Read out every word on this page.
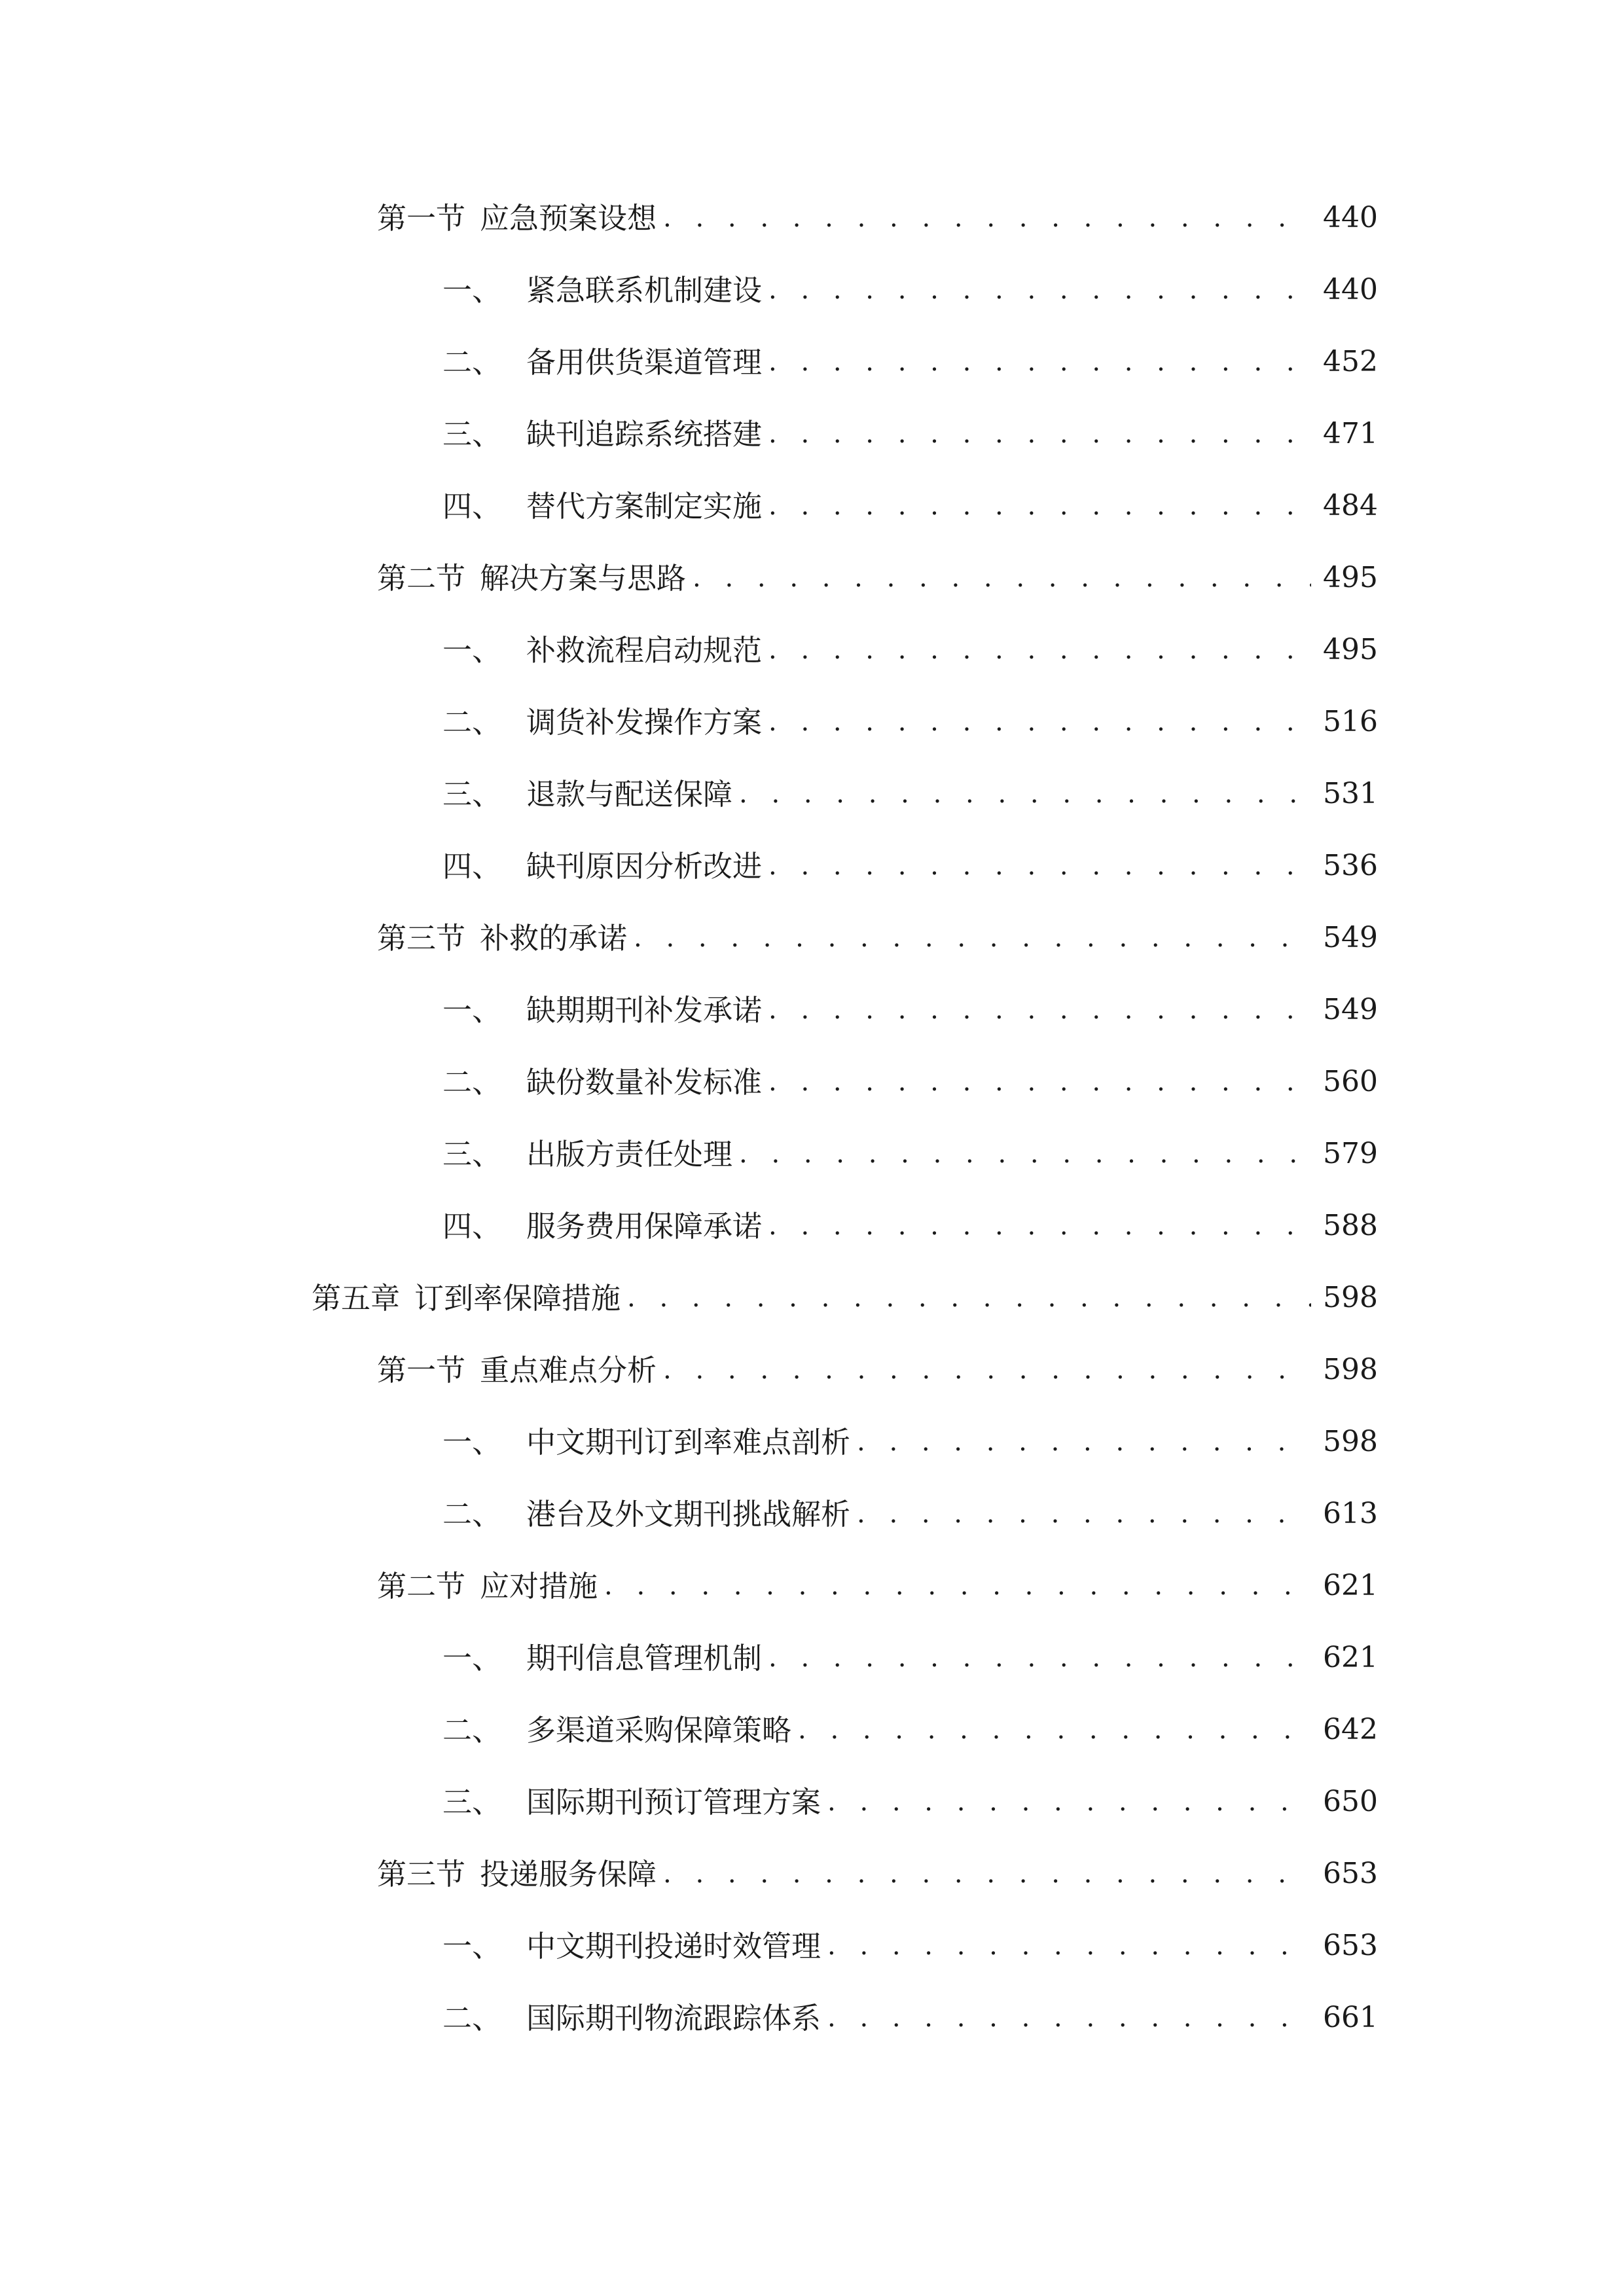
第一节 应急预案设想 . . .	440
一、 紧急联系机制建设 . . .	440
二、 备用供货渠道管理 . . .	452
三、 缺刊追踪系统搭建 . . .	471
四、 替代方案制定实施 . . .	484
第二节 解决方案与思路 . . .	495
一、 补救流程启动规范 . . .	495
二、 调货补发操作方案 . . .	516
三、 退款与配送保障 . . .	531
四、 缺刊原因分析改进 . . .	536
第三节 补救的承诺 . . .	549
一、 缺期期刊补发承诺 . . .	549
二、 缺份数量补发标准 . . .	560
三、 出版方责任处理 . . .	579
四、 服务费用保障承诺 . . .	588
第五章 订到率保障措施 . . .	598
第一节 重点难点分析 . . .	598
一、 中文期刊订到率难点剖析 . . .	598
二、 港台及外文期刊挑战解析 . . .	613
第二节 应对措施 . . .	621
一、 期刊信息管理机制 . . .	621
二、 多渠道采购保障策略 . . .	642
三、 国际期刊预订管理方案 . . .	650
第三节 投递服务保障 . . .	653
一、 中文期刊投递时效管理 . . .	653
二、 国际期刊物流跟踪体系 . . .	661
